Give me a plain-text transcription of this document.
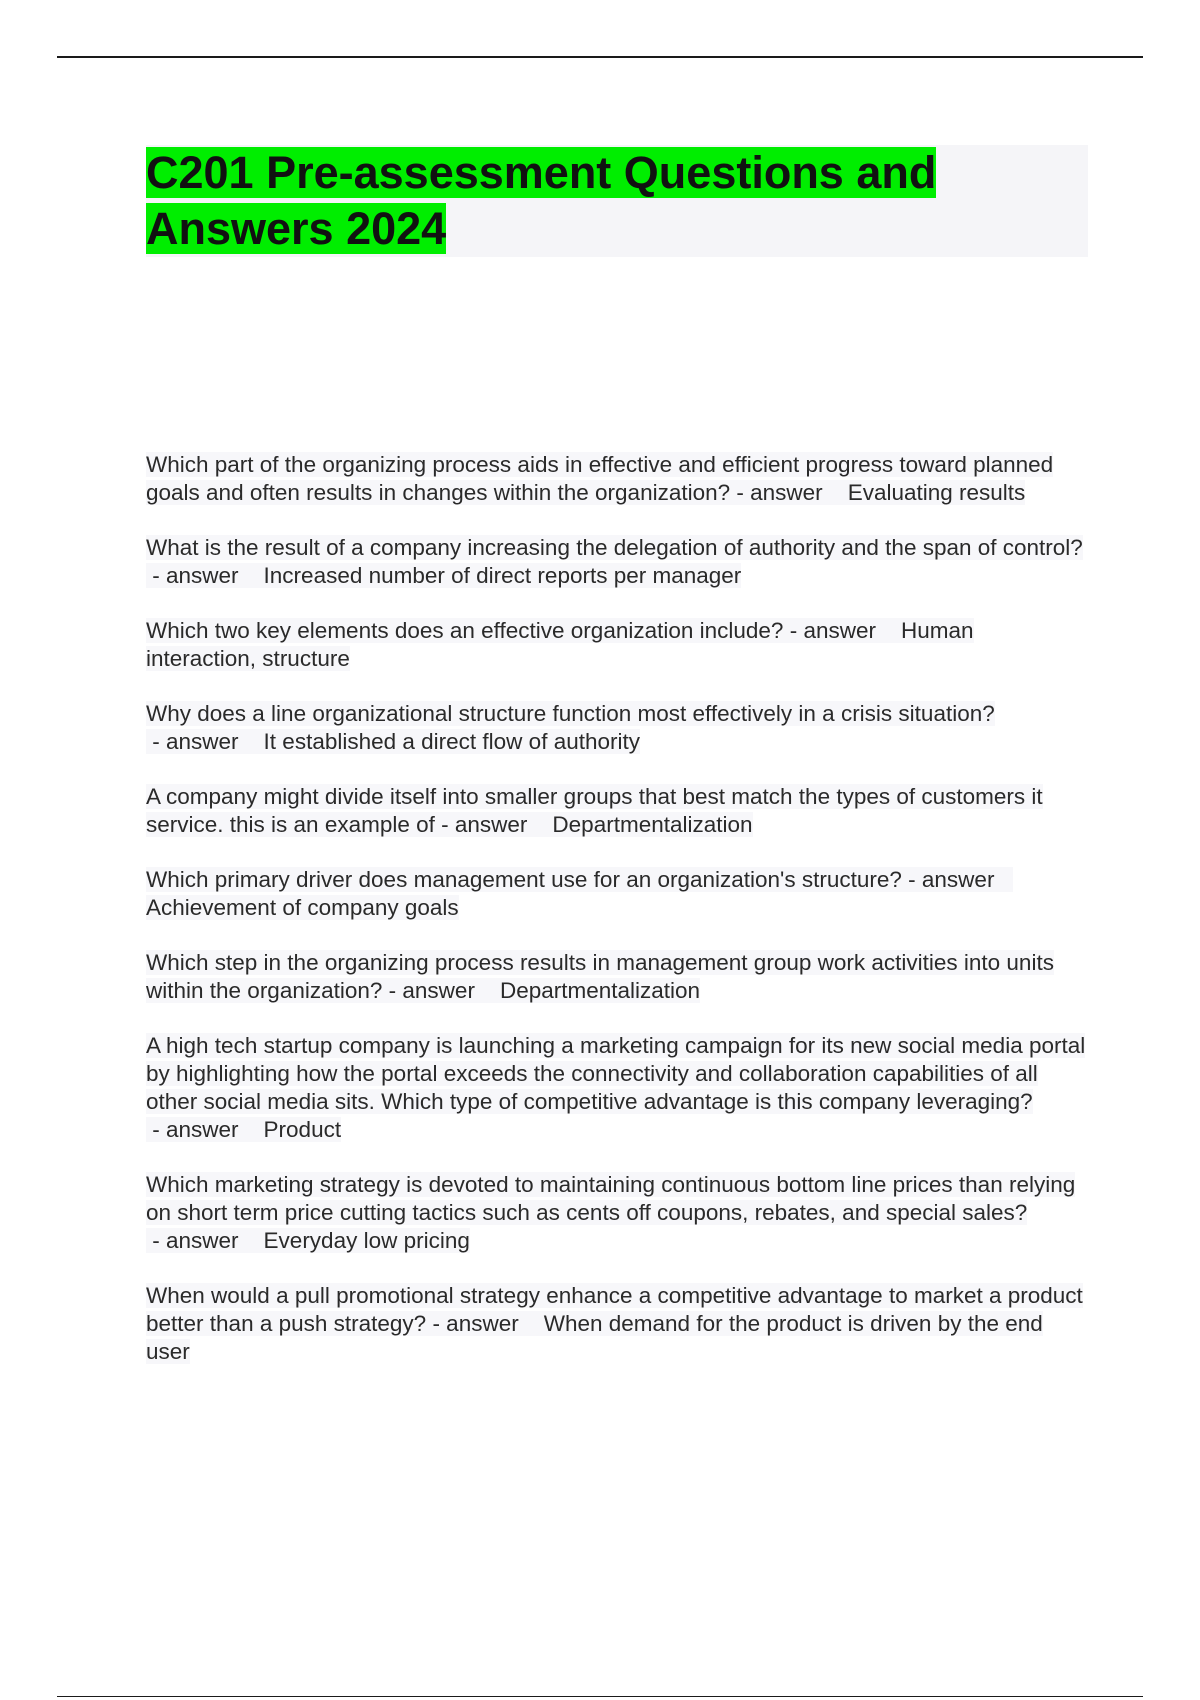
C201 Pre-assessment Questions and Answers 2024
Which part of the organizing process aids in effective and efficient progress toward planned goals and often results in changes within the organization? - answer    Evaluating results
What is the result of a company increasing the delegation of authority and the span of control? - answer    Increased number of direct reports per manager
Which two key elements does an effective organization include? - answer    Human interaction, structure
Why does a line organizational structure function most effectively in a crisis situation? - answer    It established a direct flow of authority
A company might divide itself into smaller groups that best match the types of customers it service. this is an example of - answer    Departmentalization
Which primary driver does management use for an organization's structure? - answer    Achievement of company goals
Which step in the organizing process results in management group work activities into units within the organization? - answer    Departmentalization
A high tech startup company is launching a marketing campaign for its new social media portal by highlighting how the portal exceeds the connectivity and collaboration capabilities of all other social media sits. Which type of competitive advantage is this company leveraging? - answer    Product
Which marketing strategy is devoted to maintaining continuous bottom line prices than relying on short term price cutting tactics such as cents off coupons, rebates, and special sales? - answer    Everyday low pricing
When would a pull promotional strategy enhance a competitive advantage to market a product better than a push strategy? - answer    When demand for the product is driven by the end user
